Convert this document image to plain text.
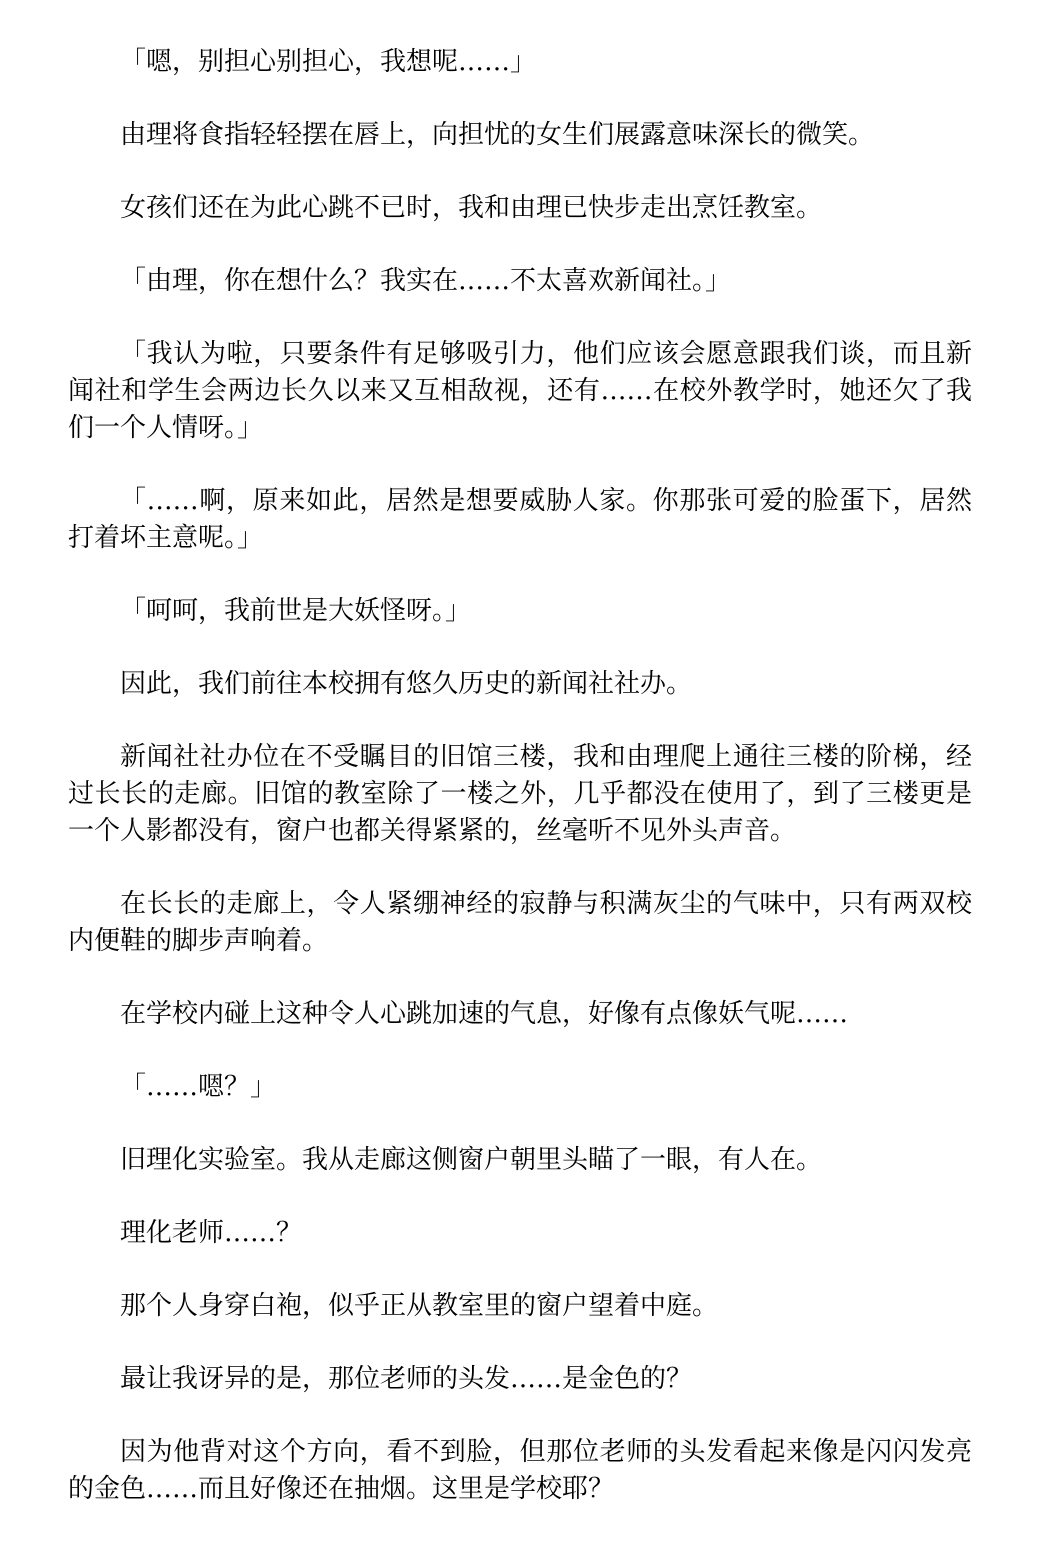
「嗯，别担心别担心，我想呢……」

由理将食指轻轻摆在唇上，向担忧的女生们展露意味深长的微笑。

女孩们还在为此心跳不已时，我和由理已快步走出烹饪教室。

「由理，你在想什么？我实在……不太喜欢新闻社。」

「我认为啦，只要条件有足够吸引力，他们应该会愿意跟我们谈，而且新闻社和学生会两边长久以来又互相敌视，还有……在校外教学时，她还欠了我们一个人情呀。」

「……啊，原来如此，居然是想要威胁人家。你那张可爱的脸蛋下，居然打着坏主意呢。」

「呵呵，我前世是大妖怪呀。」

因此，我们前往本校拥有悠久历史的新闻社社办。

新闻社社办位在不受瞩目的旧馆三楼，我和由理爬上通往三楼的阶梯，经过长长的走廊。旧馆的教室除了一楼之外，几乎都没在使用了，到了三楼更是一个人影都没有，窗户也都关得紧紧的，丝毫听不见外头声音。

在长长的走廊上，令人紧绷神经的寂静与积满灰尘的气味中，只有两双校内便鞋的脚步声响着。

在学校内碰上这种令人心跳加速的气息，好像有点像妖气呢……

「……嗯？」

旧理化实验室。我从走廊这侧窗户朝里头瞄了一眼，有人在。

理化老师……？

那个人身穿白袍，似乎正从教室里的窗户望着中庭。

最让我讶异的是，那位老师的头发……是金色的？

因为他背对这个方向，看不到脸，但那位老师的头发看起来像是闪闪发亮的金色……而且好像还在抽烟。这里是学校耶？
